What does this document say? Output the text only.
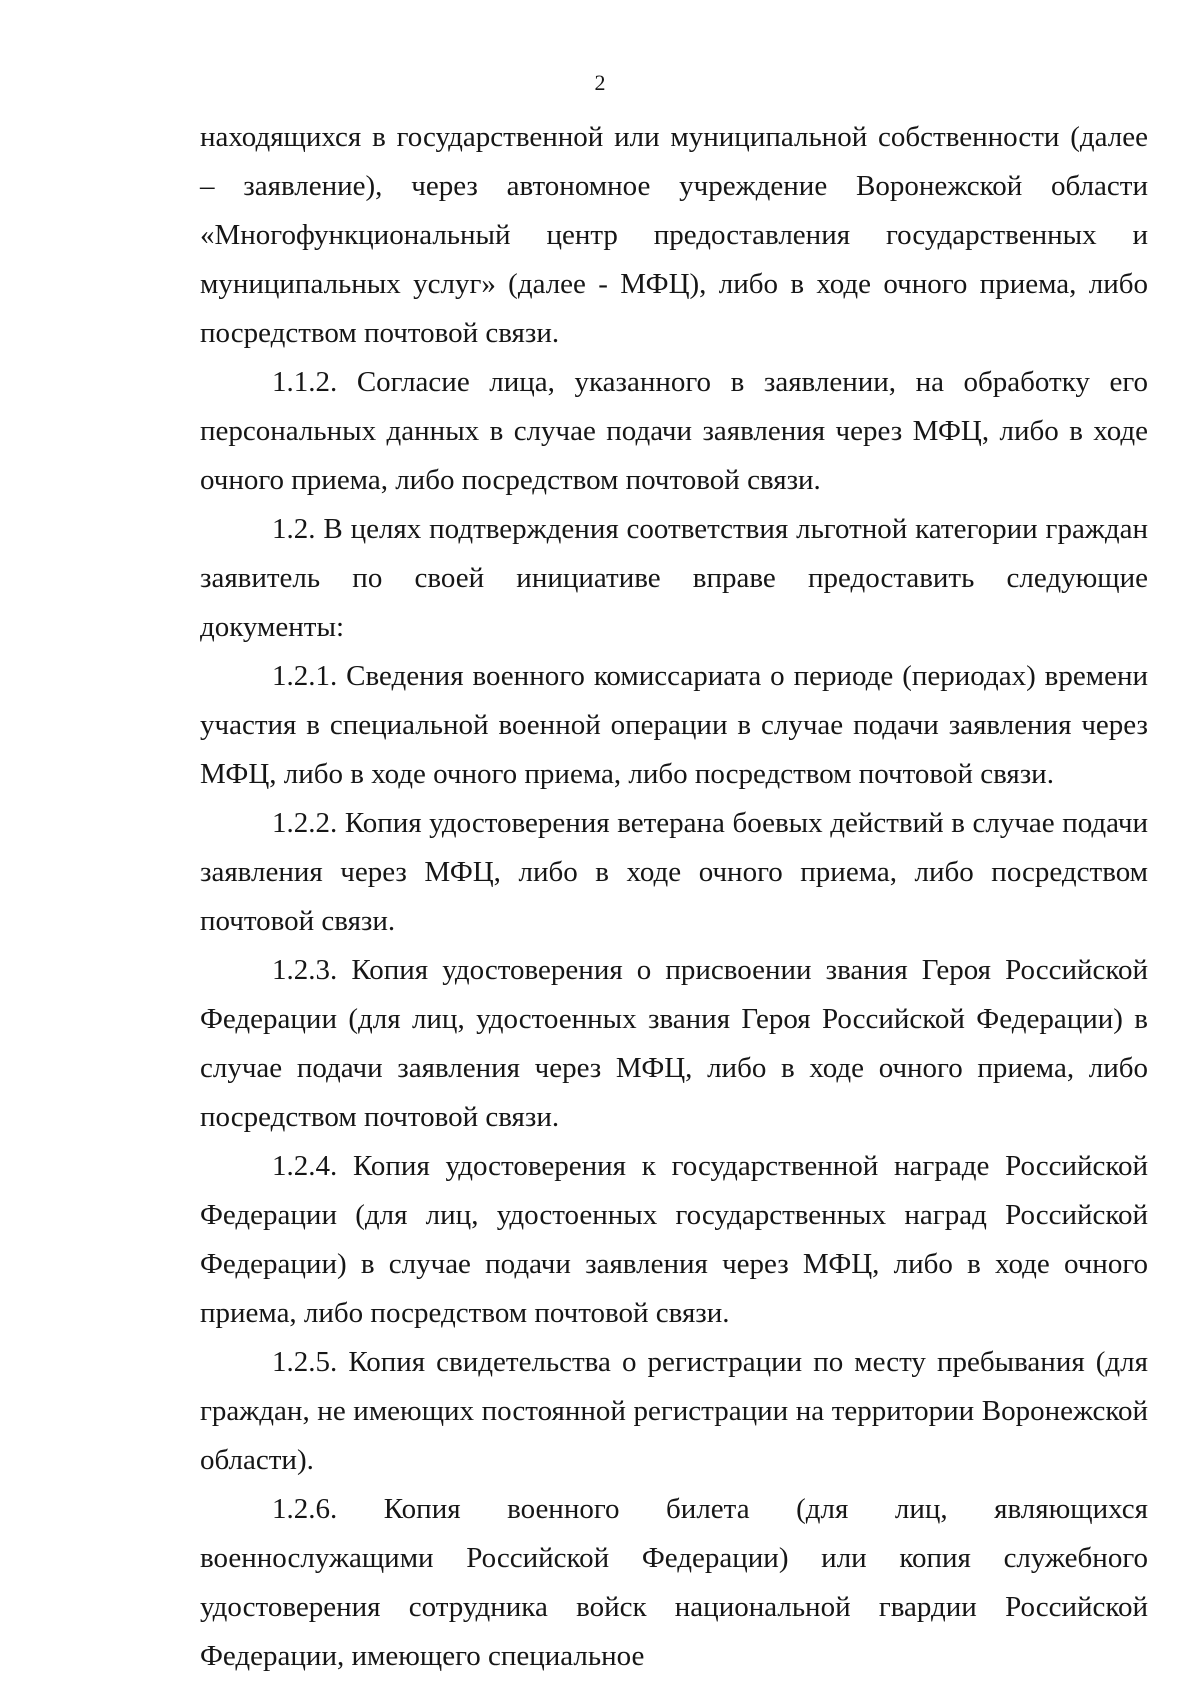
2

находящихся в государственной или муниципальной собственности (далее – заявление), через автономное учреждение Воронежской области «Многофункциональный центр предоставления государственных и муниципальных услуг» (далее - МФЦ), либо в ходе очного приема, либо посредством почтовой связи.

1.1.2. Согласие лица, указанного в заявлении, на обработку его персональных данных в случае подачи заявления через МФЦ, либо в ходе очного приема, либо посредством почтовой связи.

1.2. В целях подтверждения соответствия льготной категории граждан заявитель по своей инициативе вправе предоставить следующие документы:

1.2.1. Сведения военного комиссариата о периоде (периодах) времени участия в специальной военной операции в случае подачи заявления через МФЦ, либо в ходе очного приема, либо посредством почтовой связи.

1.2.2. Копия удостоверения ветерана боевых действий в случае подачи заявления через МФЦ, либо в ходе очного приема, либо посредством почтовой связи.

1.2.3. Копия удостоверения о присвоении звания Героя Российской Федерации (для лиц, удостоенных звания Героя Российской Федерации) в случае подачи заявления через МФЦ, либо в ходе очного приема, либо посредством почтовой связи.

1.2.4. Копия удостоверения к государственной награде Российской Федерации (для лиц, удостоенных государственных наград Российской Федерации) в случае подачи заявления через МФЦ, либо в ходе очного приема, либо посредством почтовой связи.

1.2.5. Копия свидетельства о регистрации по месту пребывания (для граждан, не имеющих постоянной регистрации на территории Воронежской области).

1.2.6. Копия военного билета (для лиц, являющихся военнослужащими Российской Федерации) или копия служебного удостоверения сотрудника войск национальной гвардии Российской Федерации, имеющего специальное
